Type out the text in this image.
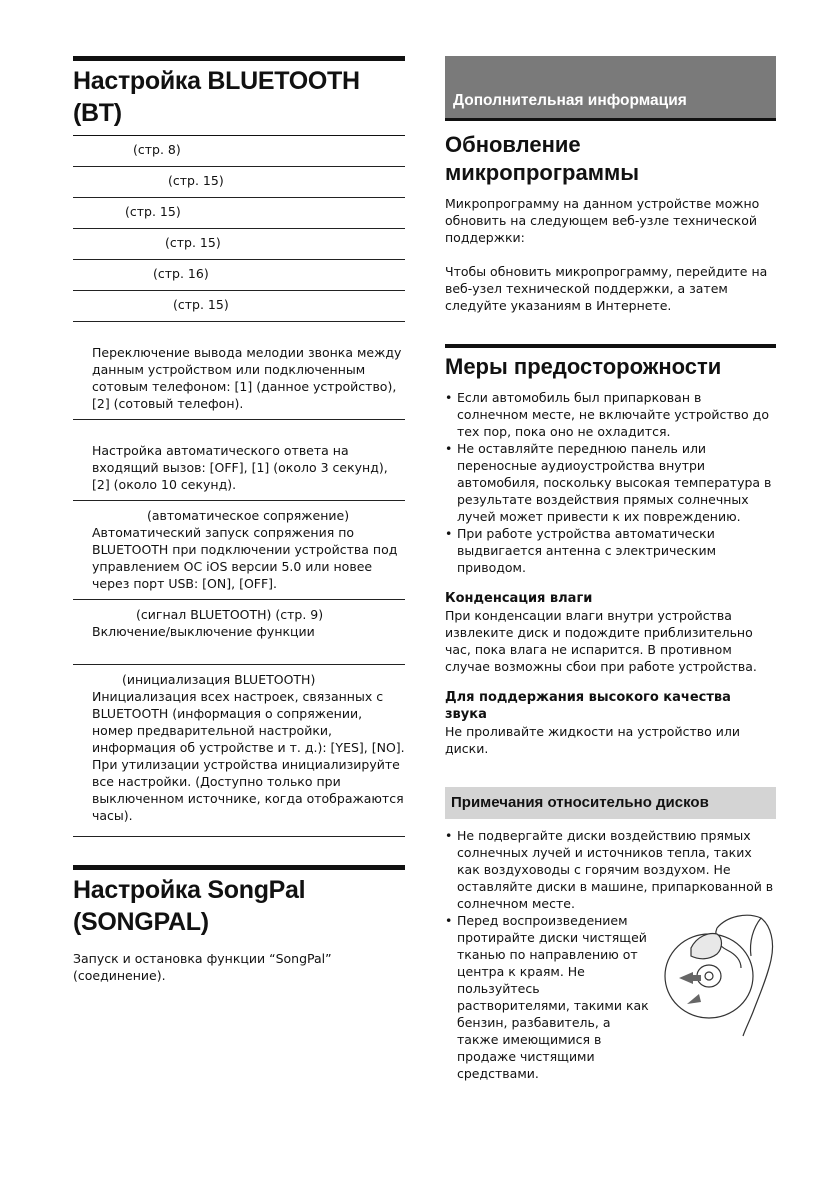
Настройка BLUETOOTH (BT)
(стр. 8)
(стр. 15)
(стр. 15)
(стр. 15)
(стр. 16)
(стр. 15)
Переключение вывода мелодии звонка между данным устройством или подключенным сотовым телефоном: [1] (данное устройство), [2] (сотовый телефон).
Настройка автоматического ответа на входящий вызов: [OFF], [1] (около 3 секунд), [2] (около 10 секунд).
(автоматическое сопряжение)
Автоматический запуск сопряжения по BLUETOOTH при подключении устройства под управлением ОС iOS версии 5.0 или новее через порт USB: [ON], [OFF].
(сигнал BLUETOOTH) (стр. 9)
Включение/выключение функции
(инициализация BLUETOOTH)
Инициализация всех настроек, связанных с BLUETOOTH (информация о сопряжении, номер предварительной настройки, информация об устройстве и т. д.): [YES], [NO]. При утилизации устройства инициализируйте все настройки. (Доступно только при выключенном источнике, когда отображаются часы).
Настройка SongPal (SONGPAL)
Запуск и остановка функции “SongPal” (соединение).
Дополнительная информация
Обновление
микропрограммы
Микропрограмму на данном устройстве можно обновить на следующем веб-узле технической поддержки:
Чтобы обновить микропрограмму, перейдите на веб-узел технической поддержки, а затем следуйте указаниям в Интернете.
Меры предосторожности
• Если автомобиль был припаркован в солнечном месте, не включайте устройство до тех пор, пока оно не охладится.
• Не оставляйте переднюю панель или переносные аудиоустройства внутри автомобиля, поскольку высокая температура в результате воздействия прямых солнечных лучей может привести к их повреждению.
• При работе устройства автоматически выдвигается антенна с электрическим приводом.
Конденсация влаги
При конденсации влаги внутри устройства извлеките диск и подождите приблизительно час, пока влага не испарится. В противном случае возможны сбои при работе устройства.
Для поддержания высокого качества звука
Не проливайте жидкости на устройство или диски.
Примечания относительно дисков
• Не подвергайте диски воздействию прямых солнечных лучей и источников тепла, таких как воздуховоды с горячим воздухом. Не оставляйте диски в машине, припаркованной в солнечном месте.
• Перед воспроизведением протирайте диски чистящей тканью по направлению от центра к краям. Не пользуйтесь растворителями, такими как бензин, разбавитель, а также имеющимися в продаже чистящими средствами.
